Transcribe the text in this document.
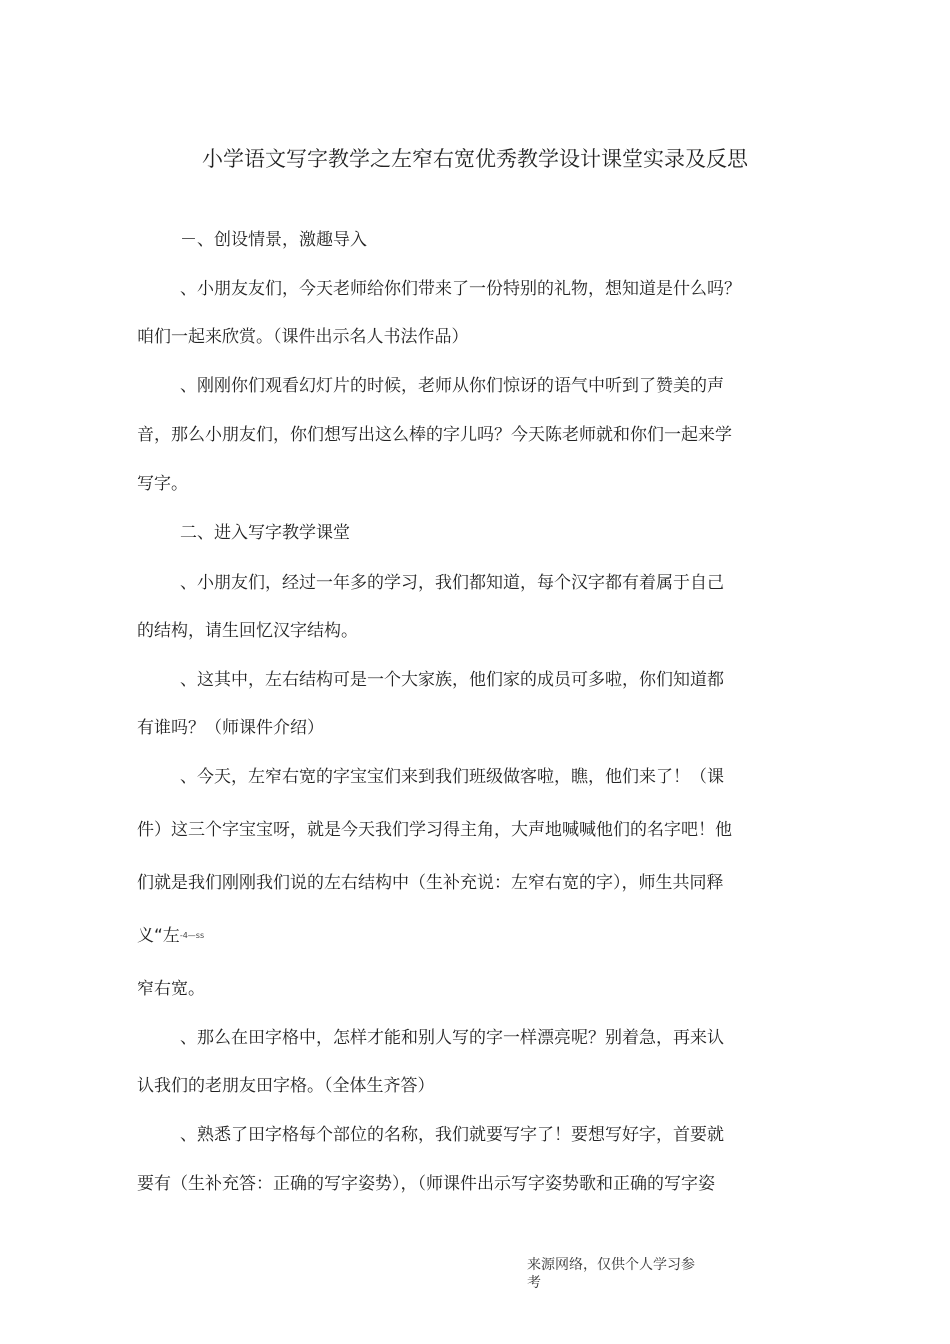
小学语文写字教学之左窄右宽优秀教学设计课堂实录及反思
－、创设情景，激趣导入
、小朋友友们，今天老师给你们带来了一份特别的礼物，想知道是什么吗？
咱们一起来欣赏。（课件出示名人书法作品）
、刚刚你们观看幻灯片的时候，老师从你们惊讶的语气中听到了赞美的声
音，那么小朋友们，你们想写出这么棒的字儿吗？今天陈老师就和你们一起来学
写字。
二、进入写字教学课堂
、小朋友们，经过一年多的学习，我们都知道，每个汉字都有着属于自己
的结构，请生回忆汉字结构。
、这其中，左右结构可是一个大家族，他们家的成员可多啦，你们知道都
有谁吗？（师课件介绍）
、今天，左窄右宽的字宝宝们来到我们班级做客啦，瞧，他们来了！（课
件）这三个字宝宝呀，就是今天我们学习得主角，大声地喊喊他们的名字吧！他
们就是我们刚刚我们说的左右结构中（生补充说：左窄右宽的字），师生共同释
义“左-4—ss
窄右宽。
、那么在田字格中，怎样才能和别人写的字一样漂亮呢？别着急，再来认
认我们的老朋友田字格。（全体生齐答）
、熟悉了田字格每个部位的名称，我们就要写字了！要想写好字，首要就
要有（生补充答：正确的写字姿势），（师课件出示写字姿势歌和正确的写字姿
来源网络，仅供个人学习参
考
